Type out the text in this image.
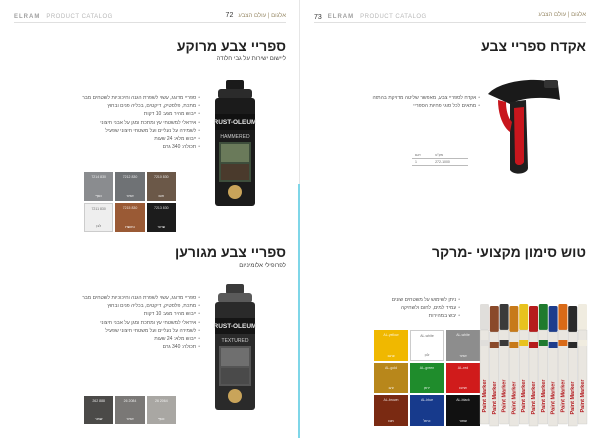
ELRAM PRODUCT CATALOG	אלגום | עולם הצבע
72
ספריי צבע מרוקע
ליישום ישירות על גבי חלודה
RUST-OLEUM
HAMMERED
• ספריי מדוגג, עשוי לשפרת הגנה וחיכוכיות לשטחים מבר
• מתכת, פלסטיק, דיקטים, בכליה פנים ובחוץ
• ייבוש מהיר מגע: 10 דקות
• אידאלי למשטחי עץ ומתכת ומגן על אבני חיצוני
• לשמירה על נעליים ועל משטחי חיצוני שפעיל
• ייבוש מלא: 24 שעות
• תכולה: 340 גרם
7214 830
כסף
7212 830
אפור
7210 830
חום
7211 830
לבן
7215 830
נחושת
7213 830
שחור
ספריי צבע מגורען
לפרופילי אלומיניום
RUST-OLEUM
TEXTURED
• ספריי מדוגג, עשוי לשפרת הגנה וחיכוכיות לשטחים מבר
• מתכת, פלסטיק, דיקטים, בכליה פנים ובחוץ
• ייבוש מהיר מגע: 10 דקות
• אידאלי למשטחי עץ ומתכת ומגן על אבני חיצוני
• לשמירה על נעליים ועל משטחי חיצוני שפעיל
• ייבוש מלא: 24 שעות
• תכולה: 340 גרם
262 888
שחור
26 2084
אפור
26 2064
כסף
73 ELRAM PRODUCT CATALOG	אלגום | עולם הצבע
אקדח ספריי צבע
• אקדח לספריי צבע, מאפשר שליטה מדויקת בהתזה
• מתאים לכל סוגי פחיות הספריי
דגם	מק"ט
1	272-1000
טוש סימון מקצועי -מרקר
• ניתן לשימוש על משטחים שונים
• עמיד למים, לחום ולשחיקה
• יבש במהירות
AL-yellow
צהוב
AL-white
לבן
AL-white
אפור
AL-gold
זהב
AL-green
ירוק
AL-red
אדום
AL-brown
חום
AL-blue
כחול
AL-black
שחור
Paint Marker Paint Marker Paint Marker Paint Marker Paint Marker Paint Marker Paint Marker Paint Marker Paint Marker Paint Marker Paint Marker
